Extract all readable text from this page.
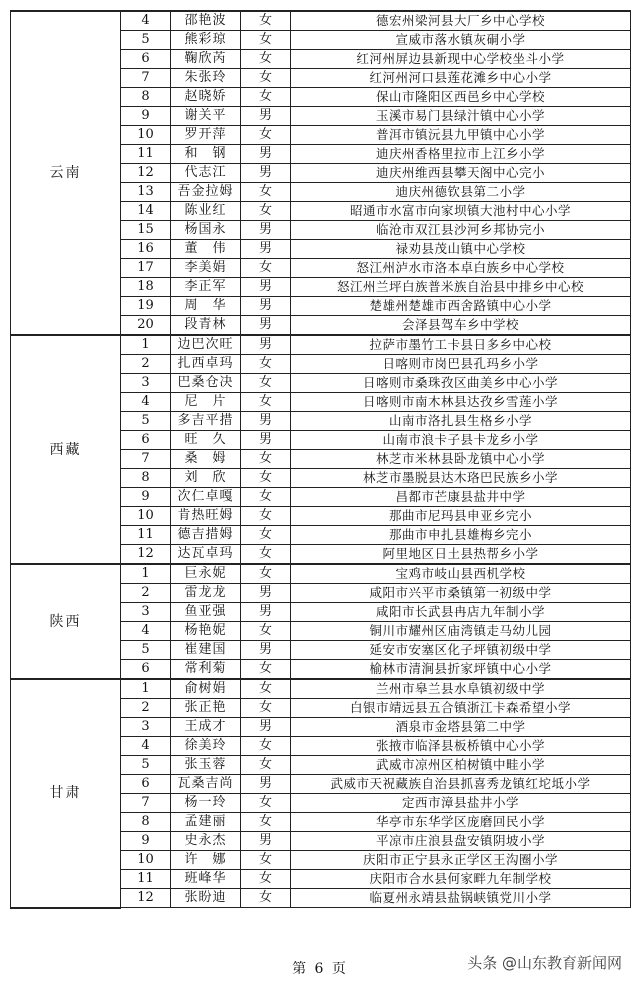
云南	4	邵艳波	女	德宏州梁河县大厂乡中心学校
	5	熊彩琼	女	宣威市落水镇灰硐小学
	6	鞠欣芮	女	红河州屏边县新现中心学校坐斗小学
	7	朱张玲	女	红河州河口县莲花滩乡中心小学
	8	赵晓娇	女	保山市隆阳区西邑乡中心学校
	9	谢关平	男	玉溪市易门县绿汁镇中心小学
	10	罗开萍	女	普洱市镇沅县九甲镇中心小学
	11	和　钢	男	迪庆州香格里拉市上江乡小学
	12	代志江	男	迪庆州维西县攀天阁中心完小
	13	吾金拉姆	女	迪庆州德钦县第二小学
	14	陈业红	女	昭通市水富市向家坝镇大池村中心小学
	15	杨国永	男	临沧市双江县沙河乡邦协完小
	16	董　伟	男	禄劝县茂山镇中心学校
	17	李美娟	女	怒江州泸水市洛本卓白族乡中心学校
	18	李正军	男	怒江州兰坪白族普米族自治县中排乡中心校
	19	周　华	男	楚雄州楚雄市西舍路镇中心小学
	20	段青林	男	会泽县驾车乡中学校
西藏	1	边巴次旺	男	拉萨市墨竹工卡县日多乡中心校
	2	扎西卓玛	女	日喀则市岗巴县孔玛乡小学
	3	巴桑仓决	女	日喀则市桑珠孜区曲美乡中心小学
	4	尼　片	女	日喀则市南木林县达孜乡雪莲小学
	5	多吉平措	男	山南市洛扎县生格乡小学
	6	旺　久	男	山南市浪卡子县卡龙乡小学
	7	桑　姆	女	林芝市米林县卧龙镇中心小学
	8	刘　欣	女	林芝市墨脱县达木珞巴民族乡小学
	9	次仁卓嘎	女	昌都市芒康县盐井中学
	10	肯热旺姆	女	那曲市尼玛县申亚乡完小
	11	德吉措姆	女	那曲市申扎县雄梅乡完小
	12	达瓦卓玛	女	阿里地区日土县热帮乡小学
陕西	1	巨永妮	女	宝鸡市岐山县西机学校
	2	雷龙龙	男	咸阳市兴平市桑镇第一初级中学
	3	鱼亚强	男	咸阳市长武县冉店九年制小学
	4	杨艳妮	女	铜川市耀州区庙湾镇走马幼儿园
	5	崔建国	男	延安市安塞区化子坪镇初级中学
	6	常利菊	女	榆林市清涧县折家坪镇中心小学
甘肃	1	俞树娟	女	兰州市皋兰县水阜镇初级中学
	2	张正艳	女	白银市靖远县五合镇浙江卡森希望小学
	3	王成才	男	酒泉市金塔县第二中学
	4	徐美玲	女	张掖市临泽县板桥镇中心小学
	5	张玉蓉	女	武威市凉州区柏树镇中畦小学
	6	瓦桑吉尚	男	武威市天祝藏族自治县抓喜秀龙镇红坨坻小学
	7	杨一玲	女	定西市漳县盐井小学
	8	孟建丽	女	华亭市东华学区庞磨回民小学
	9	史永杰	男	平凉市庄浪县盘安镇阴坡小学
	10	许　娜	女	庆阳市正宁县永正学区王沟圈小学
	11	班峰华	女	庆阳市合水县何家畔九年制学校
	12	张盼迪	女	临夏州永靖县盐锅峡镇党川小学
第 6 页	头条 @山东教育新闻网
